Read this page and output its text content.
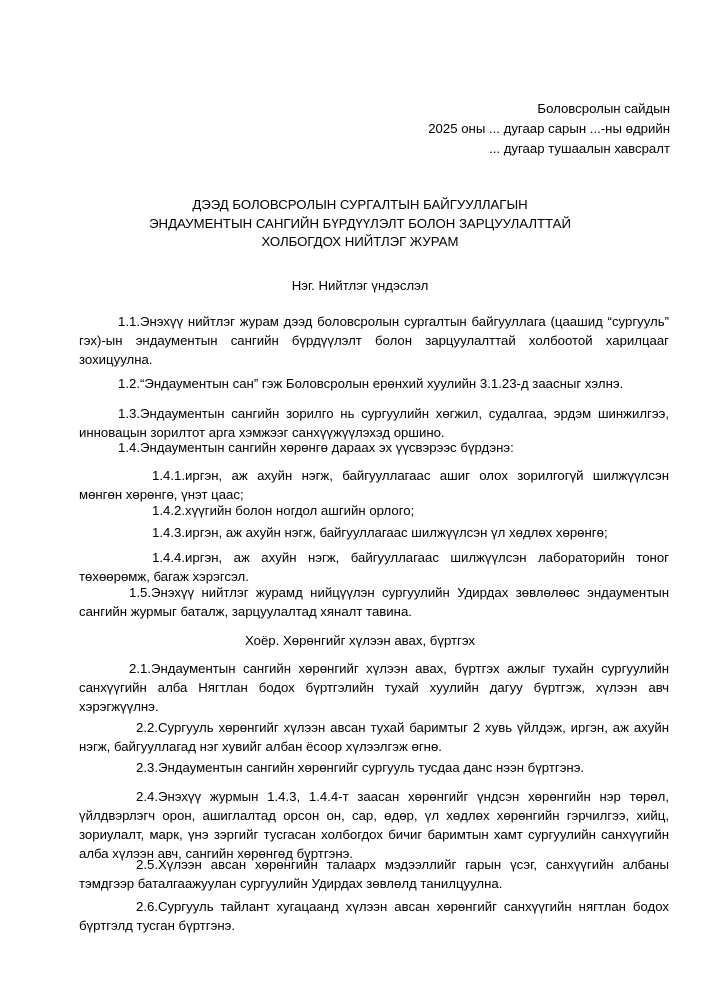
Боловсролын сайдын
2025 оны ... дугаар сарын ...-ны өдрийн
... дугаар тушаалын хавсралт
ДЭЭД БОЛОВСРОЛЫН СУРГАЛТЫН БАЙГУУЛЛАГЫН
ЭНДАУМЕНТЫН САНГИЙН БҮРДҮҮЛЭЛТ БОЛОН ЗАРЦУУЛАЛТТАЙ
ХОЛБОГДОХ НИЙТЛЭГ ЖУРАМ
Нэг. Нийтлэг үндэслэл
1.1.Энэхүү нийтлэг журам дээд боловсролын сургалтын байгууллага (цаашид “сургууль” гэх)-ын эндаументын сангийн бүрдүүлэлт болон зарцуулалттай холбоотой харилцааг зохицуулна.
1.2.“Эндаументын сан” гэж Боловсролын ерөнхий хуулийн 3.1.23-д заасныг хэлнэ.
1.3.Эндаументын сангийн зорилго нь сургуулийн хөгжил, судалгаа, эрдэм шинжилгээ, инновацын зорилтот арга хэмжээг санхүүжүүлэхэд оршино.
1.4.Эндаументын сангийн хөрөнгө дараах эх үүсвэрээс бүрдэнэ:
1.4.1.иргэн, аж ахуйн нэгж, байгууллагаас ашиг олох зорилгогүй шилжүүлсэн мөнгөн хөрөнгө, үнэт цаас;
1.4.2.хүүгийн болон ногдол ашгийн орлого;
1.4.3.иргэн, аж ахуйн нэгж, байгууллагаас шилжүүлсэн үл хөдлөх хөрөнгө;
1.4.4.иргэн, аж ахуйн нэгж, байгууллагаас шилжүүлсэн лабораторийн тоног төхөөрөмж, багаж хэрэгсэл.
1.5.Энэхүү нийтлэг журамд нийцүүлэн сургуулийн Удирдах зөвлөлөөс эндаументын сангийн журмыг баталж, зарцуулалтад хяналт тавина.
Хоёр. Хөрөнгийг хүлээн авах, бүртгэх
2.1.Эндаументын сангийн хөрөнгийг хүлээн авах, бүртгэх ажлыг тухайн сургуулийн санхүүгийн алба Нягтлан бодох бүртгэлийн тухай хуулийн дагуу бүртгэж, хүлээн авч хэрэгжүүлнэ.
2.2.Сургууль хөрөнгийг хүлээн авсан тухай баримтыг 2 хувь үйлдэж, иргэн, аж ахуйн нэгж, байгууллагад нэг хувийг албан ёсоор хүлээлгэж өгнө.
2.3.Эндаументын сангийн хөрөнгийг сургууль тусдаа данс нээн бүртгэнэ.
2.4.Энэхүү журмын 1.4.3, 1.4.4-т заасан хөрөнгийг үндсэн хөрөнгийн нэр төрөл, үйлдвэрлэгч орон, ашиглалтад орсон он, сар, өдөр, үл хөдлөх хөрөнгийн гэрчилгээ, хийц, зориулалт, марк, үнэ зэргийг тусгасан холбогдох бичиг баримтын хамт сургуулийн санхүүгийн алба хүлээн авч, сангийн хөрөнгөд бүртгэнэ.
2.5.Хүлээн авсан хөрөнгийн талаарх мэдээллийг гарын үсэг, санхүүгийн албаны тэмдгээр баталгаажуулан сургуулийн Удирдах зөвлөлд танилцуулна.
2.6.Сургууль тайлант хугацаанд хүлээн авсан хөрөнгийг санхүүгийн нягтлан бодох бүртгэлд тусган бүртгэнэ.
